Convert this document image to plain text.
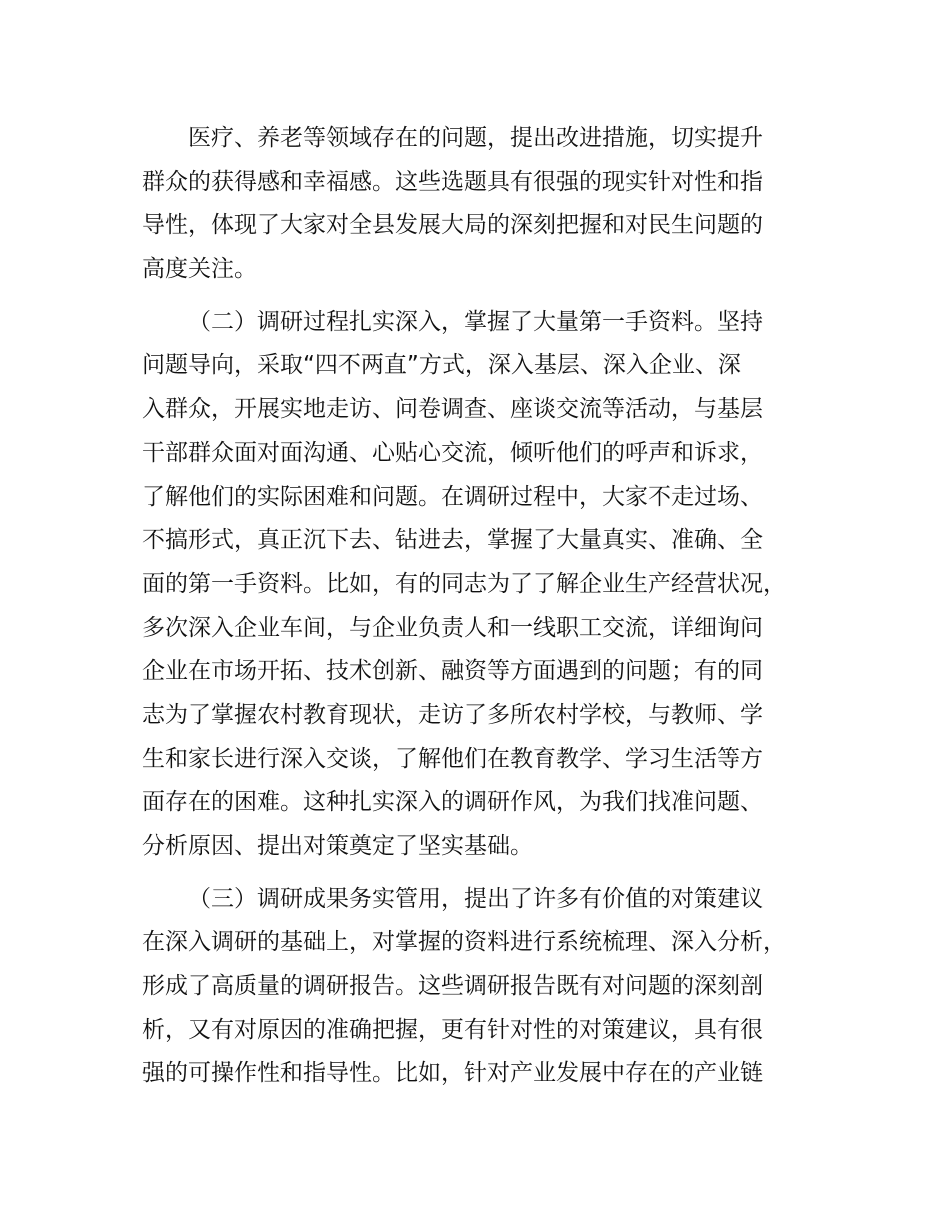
医疗、养老等领域存在的问题，提出改进措施，切实提升
群众的获得感和幸福感。这些选题具有很强的现实针对性和指
导性，体现了大家对全县发展大局的深刻把握和对民生问题的
高度关注。
（二）调研过程扎实深入，掌握了大量第一手资料。坚持
问题导向，采取“四不两直”方式，深入基层、深入企业、深
入群众，开展实地走访、问卷调查、座谈交流等活动，与基层
干部群众面对面沟通、心贴心交流，倾听他们的呼声和诉求，
了解他们的实际困难和问题。在调研过程中，大家不走过场、
不搞形式，真正沉下去、钻进去，掌握了大量真实、准确、全
面的第一手资料。比如，有的同志为了了解企业生产经营状况，
多次深入企业车间，与企业负责人和一线职工交流，详细询问
企业在市场开拓、技术创新、融资等方面遇到的问题；有的同
志为了掌握农村教育现状，走访了多所农村学校，与教师、学
生和家长进行深入交谈，了解他们在教育教学、学习生活等方
面存在的困难。这种扎实深入的调研作风，为我们找准问题、
分析原因、提出对策奠定了坚实基础。
（三）调研成果务实管用，提出了许多有价值的对策建议
在深入调研的基础上，对掌握的资料进行系统梳理、深入分析，
形成了高质量的调研报告。这些调研报告既有对问题的深刻剖
析，又有对原因的准确把握，更有针对性的对策建议，具有很
强的可操作性和指导性。比如，针对产业发展中存在的产业链
